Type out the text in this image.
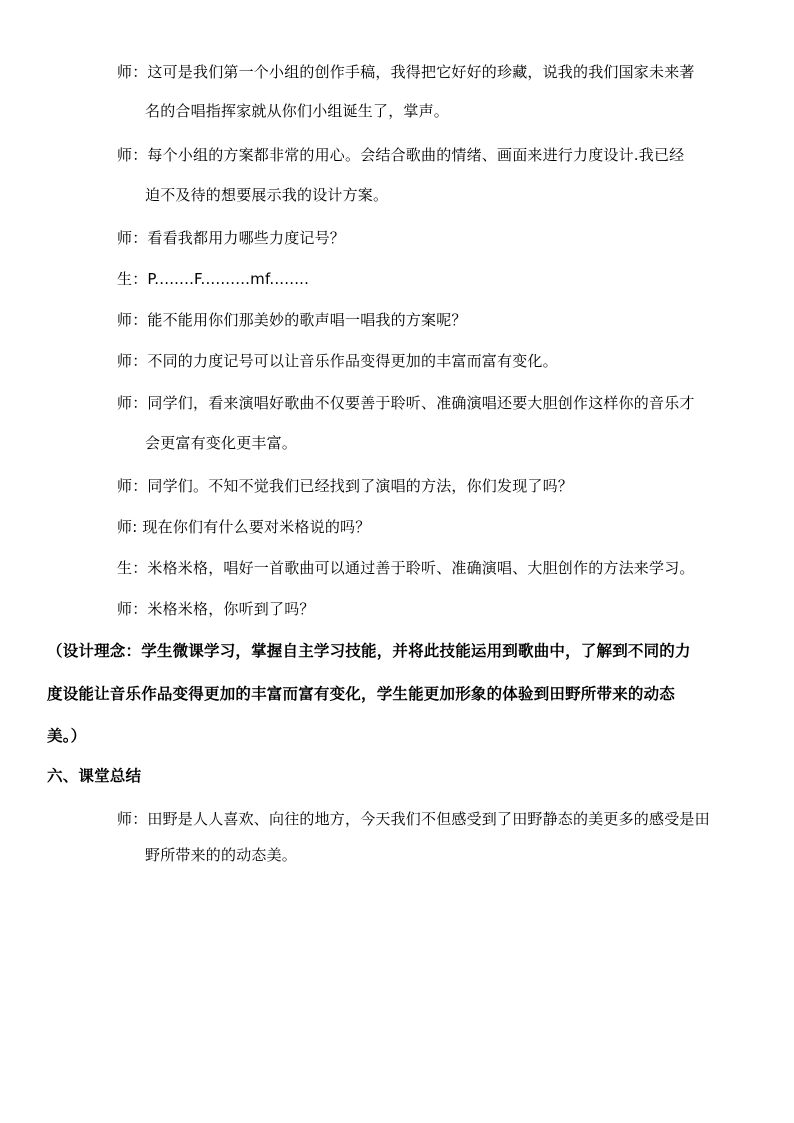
师：这可是我们第一个小组的创作手稿，我得把它好好的珍藏，说我的我们国家未来著
名的合唱指挥家就从你们小组诞生了，掌声。
师：每个小组的方案都非常的用心。会结合歌曲的情绪、画面来进行力度设计.我已经
迫不及待的想要展示我的设计方案。
师：看看我都用力哪些力度记号？
生：P........F..........mf........
师：能不能用你们那美妙的歌声唱一唱我的方案呢？
师：不同的力度记号可以让音乐作品变得更加的丰富而富有变化。
师：同学们，看来演唱好歌曲不仅要善于聆听、准确演唱还要大胆创作这样你的音乐才
会更富有变化更丰富。
师：同学们。不知不觉我们已经找到了演唱的方法，你们发现了吗？
师: 现在你们有什么要对米格说的吗？
生：米格米格，唱好一首歌曲可以通过善于聆听、准确演唱、大胆创作的方法来学习。
师：米格米格，你听到了吗？
（设计理念：学生微课学习，掌握自主学习技能，并将此技能运用到歌曲中，了解到不同的力
度设能让音乐作品变得更加的丰富而富有变化，学生能更加形象的体验到田野所带来的动态
美。）
六、课堂总结
师：田野是人人喜欢、向往的地方，今天我们不但感受到了田野静态的美更多的感受是田
野所带来的的动态美。
